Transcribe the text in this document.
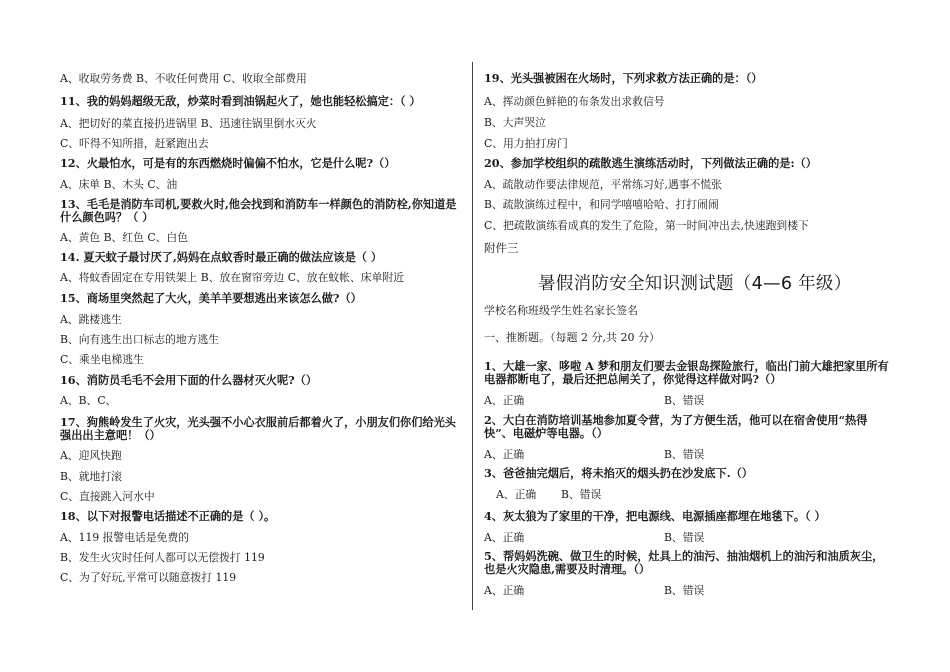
A、收取劳务费 B、不收任何费用 C、收取全部费用
11、我的妈妈超级无敌，炒菜时看到油锅起火了，她也能轻松搞定：（ ）
A、把切好的菜直接扔进锅里 B、迅速往锅里倒水灭火
C、吓得不知所措，赶紧跑出去
12、火最怕水，可是有的东西燃烧时偏偏不怕水，它是什么呢?（）
A、床单 B、木头 C、油
13、毛毛是消防车司机,要救火时,他会找到和消防车一样颜色的消防栓,你知道是什么颜色吗？（ ）
A、黄色 B、红色 C、白色
14. 夏天蚊子最讨厌了,妈妈在点蚊香时最正确的做法应该是（ ）
A、将蚊香固定在专用铁架上 B、放在窗帘旁边 C、放在蚊帐、床单附近
15、商场里突然起了大火，美羊羊要想逃出来该怎么做?（）
A、跳楼逃生
B、向有逃生出口标志的地方逃生
C、乘坐电梯逃生
16、消防员毛毛不会用下面的什么器材灭火呢?（）
A、B、C、
17、狗熊岭发生了火灾，光头强不小心衣服前后都着火了，小朋友们你们给光头强出出主意吧！（）
A、迎风快跑
B、就地打滚
C、直接跳入河水中
18、以下对报警电话描述不正确的是（ ）。
A、119 报警电话是免费的
B、发生火灾时任何人都可以无偿拨打 119
C、为了好玩,平常可以随意拨打 119
19、光头强被困在火场时，下列求救方法正确的是：（）
A、挥动颜色鲜艳的布条发出求救信号
B、大声哭泣
C、用力拍打房门
20、参加学校组织的疏散逃生演练活动时，下列做法正确的是:（）
A、疏散动作要法律规范，平常练习好,遇事不慌张
B、疏散演练过程中，和同学嘻嘻哈哈、打打闹闹
C、把疏散演练看成真的发生了危险，第一时间冲出去,快速跑到楼下
附件三
暑假消防安全知识测试题（4—6 年级）
学校名称班级学生姓名家长签名
一、推断题。（每题 2 分,共 20 分）
1、大雄一家、哆啦 A 梦和朋友们要去金银岛探险旅行，临出门前大雄把家里所有电器都断电了，最后还把总闸关了，你觉得这样做对吗?（）
A、正确	B、错误
2、大白在消防培训基地参加夏令营，为了方便生活，他可以在宿舍使用“热得快”、电磁炉等电器。（）
A、正确	B、错误
3、爸爸抽完烟后，将未掐灭的烟头扔在沙发底下.（）
A、正确 B、错误
4、灰太狼为了家里的干净，把电源线、电源插座都埋在地毯下。（ ）
A、正确	B、错误
5、帮妈妈洗碗、做卫生的时候，灶具上的油污、抽油烟机上的油污和油质灰尘，也是火灾隐患,需要及时清理。（）
A、正确	B、错误
